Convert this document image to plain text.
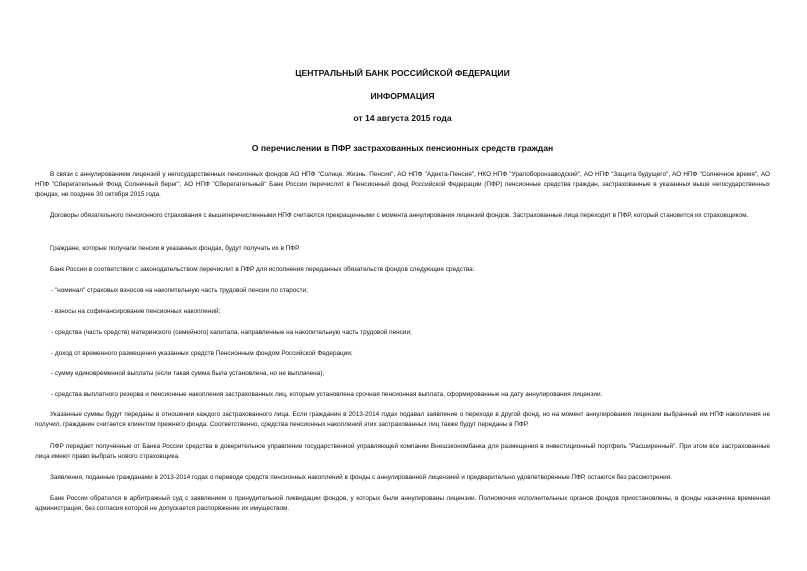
ЦЕНТРАЛЬНЫЙ БАНК РОССИЙСКОЙ ФЕДЕРАЦИИ
ИНФОРМАЦИЯ
от 14 августа 2015 года
О перечислении в ПФР застрахованных пенсионных средств граждан
В связи с аннулированием лицензий у негосударственных пенсионных фондов АО НПФ "Солнце. Жизнь. Пенсия", АО НПФ "Адекта-Пенсия", НКО НПФ "Уралоборонзаводский", АО НПФ "Защита будущего", АО НПФ "Солнечное время", АО НПФ "Сберегательный Фонд Солнечный берег", АО НПФ "Сберегательный" Банк России перечислит в Пенсионный фонд Российской Федерации (ПФР) пенсионные средства граждан, застрахованные в указанных выше негосударственных фондах, не позднее 30 октября 2015 года.
Договоры обязательного пенсионного страхования с вышеперечисленными НПФ считаются прекращенными с момента аннулирования лицензий фондов. Застрахованные лица переходят в ПФР, который становится их страховщиком.
Граждане, которые получали пенсии в указанных фондах, будут получать их в ПФР.
Банк России в соответствии с законодательством перечислит в ПФР для исполнения переданных обязательств фондов следующие средства:
- "номинал" страховых взносов на накопительную часть трудовой пенсии по старости;
- взносы на софинансирование пенсионных накоплений;
- средства (часть средств) материнского (семейного) капитала, направленные на накопительную часть трудовой пенсии;
- доход от временного размещения указанных средств Пенсионным фондом Российской Федерации;
- сумму единовременной выплаты (если такая сумма была установлена, но не выплачена);
- средства выплатного резерва и пенсионные накопления застрахованных лиц, которым установлена срочная пенсионная выплата, сформированные на дату аннулирования лицензии.
Указанные суммы будут переданы в отношении каждого застрахованного лица. Если гражданин в 2013-2014 годах подавал заявление о переходе в другой фонд, но на момент аннулирования лицензии выбранный им НПФ накопления не получил, гражданин считается клиентом прежнего фонда. Соответственно, средства пенсионных накоплений этих застрахованных лиц также будут переданы в ПФР.
ПФР передает полученные от Банка России средства в доверительное управление государственной управляющей компании Внешэкономбанка для размещения в инвестиционный портфель "Расширенный". При этом все застрахованные лица имеют право выбрать нового страховщика.
Заявления, поданные гражданами в 2013-2014 годах о переводе средств пенсионных накоплений в фонды с аннулированной лицензией и предварительно удовлетворенные ПФР, остаются без рассмотрения.
Банк России обратился в арбитражный суд с заявлением о принудительной ликвидации фондов, у которых были аннулированы лицензии. Полномочия исполнительных органов фондов приостановлены, в фонды назначена временная администрация, без согласия которой не допускается распоряжение их имуществом.
